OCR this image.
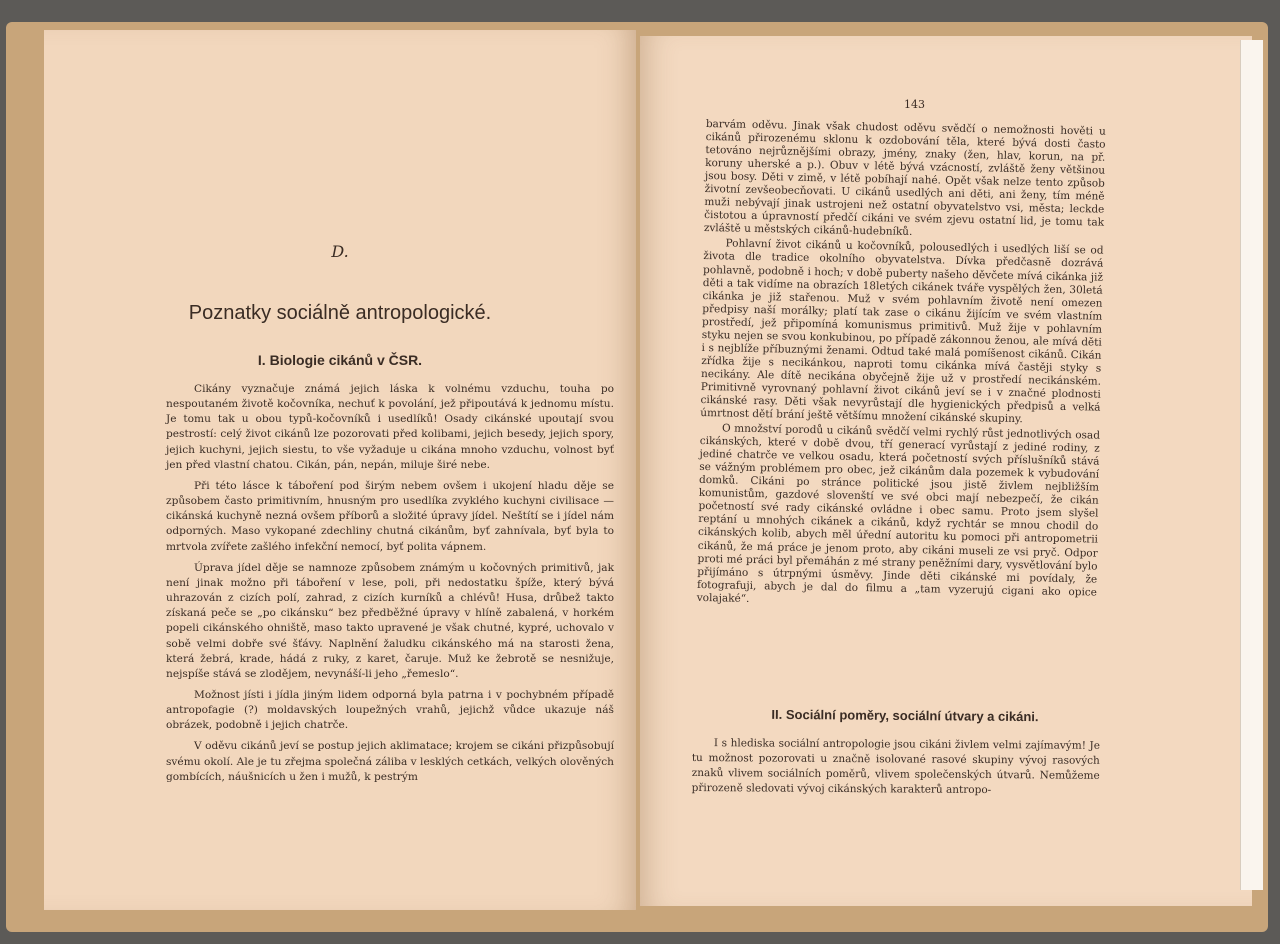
D.
Poznatky sociálně antropologické.
I. Biologie cikánů v ČSR.

Cikány vyznačuje známá jejich láska k volnému vzduchu, touha po nespoutaném životě kočovníka, nechuť k povolání, jež připoutává k jednomu místu. Je tomu tak u obou typů-kočovníků i usedlíků! Osady cikánské upoutají svou pestrostí: celý život cikánů lze pozorovati před kolibami, jejich besedy, jejich spory, jejich kuchyni, jejich siestu, to vše vyžaduje u cikána mnoho vzduchu, volnost byť jen před vlastní chatou. Cikán, pán, nepán, miluje širé nebe.

Při této lásce k táboření pod širým nebem ovšem i ukojení hladu děje se způsobem často primitivním, hnusným pro usedlíka zvyklého kuchyni civilisace — cikánská kuchyně nezná ovšem příborů a složité úpravy jídel. Neštítí se i jídel nám odporných. Maso vykopané zdechliny chutná cikánům, byť zahnívala, byť byla to mrtvola zvířete zašlého infekční nemocí, byť polita vápnem.

Úprava jídel děje se namnoze způsobem známým u kočovných primitivů, jak není jinak možno při táboření v lese, poli, při nedostatku špíže, který bývá uhrazován z cizích polí, zahrad, z cizích kurníků a chlévů! Husa, drůbež takto získaná peče se „po cikánsku“ bez předběžné úpravy v hlíně zabalená, v horkém popeli cikánského ohniště, maso takto upravené je však chutné, kypré, uchovalo v sobě velmi dobře své šťávy. Naplnění žaludku cikánského má na starosti žena, která žebrá, krade, hádá z ruky, z karet, čaruje. Muž ke žebrotě se nesnižuje, nejspíše stává se zlodějem, nevynáší-li jeho „řemeslo“.

Možnost jísti i jídla jiným lidem odporná byla patrna i v pochybném případě antropofagie (?) moldavských loupežných vrahů, jejichž vůdce ukazuje náš obrázek, podobně i jejich chatrče.

V oděvu cikánů jeví se postup jejich aklimatace; krojem se cikáni přizpůsobují svému okolí. Ale je tu zřejma společná záliba v lesklých cetkách, velkých olověných gombících, náušnicích u žen i mužů, k pestrým

143

barvám oděvu. Jinak však chudost oděvu svědčí o nemožnosti hověti u cikánů přirozenému sklonu k ozdobování těla, které bývá dosti často tetováno nejrůznějšími obrazy, jmény, znaky (žen, hlav, korun, na př. koruny uherské a p.). Obuv v létě bývá vzácností, zvláště ženy většinou jsou bosy. Děti v zimě, v létě pobíhají nahé. Opět však nelze tento způsob životní zevšeobecňovati. U cikánů usedlých ani děti, ani ženy, tím méně muži nebývají jinak ustrojeni než ostatní obyvatelstvo vsi, města; leckde čistotou a úpravností předčí cikáni ve svém zjevu ostatní lid, je tomu tak zvláště u městských cikánů-hudebníků.

Pohlavní život cikánů u kočovníků, polousedlých i usedlých liší se od života dle tradice okolního obyvatelstva. Dívka předčasně dozrává pohlavně, podobně i hoch; v době puberty našeho děvčete mívá cikánka již děti a tak vidíme na obrazích 18letých cikánek tváře vyspělých žen, 30letá cikánka je již stařenou. Muž v svém pohlavním životě není omezen předpisy naší morálky; platí tak zase o cikánu žijícím ve svém vlastním prostředí, jež připomíná komunismus primitivů. Muž žije v pohlavním styku nejen se svou konkubinou, po případě zákonnou ženou, ale mívá děti i s nejblíže příbuznými ženami. Odtud také malá pomíšenost cikánů. Cikán zřídka žije s necikánkou, naproti tomu cikánka mívá častěji styky s necikány. Ale dítě necikána obyčejně žije už v prostředí necikánském. Primitivně vyrovnaný pohlavní život cikánů jeví se i v značné plodnosti cikánské rasy. Děti však nevyrůstají dle hygienických předpisů a velká úmrtnost dětí brání ještě většímu množení cikánské skupiny.

O množství porodů u cikánů svědčí velmi rychlý růst jednotlivých osad cikánských, které v době dvou, tří generací vyrůstají z jediné rodiny, z jediné chatrče ve velkou osadu, která početností svých příslušníků stává se vážným problémem pro obec, jež cikánům dala pozemek k vybudování domků. Cikáni po stránce politické jsou jistě živlem nejbližším komunistům, gazdové slovenští ve své obci mají nebezpečí, že cikán početností své rady cikánské ovládne i obec samu. Proto jsem slyšel reptání u mnohých cikánek a cikánů, když rychtár se mnou chodil do cikánských kolib, abych měl úřední autoritu ku pomoci při antropometrii cikánů, že má práce je jenom proto, aby cikáni museli ze vsi pryč. Odpor proti mé práci byl přemáhán z mé strany peněžními dary, vysvětlování bylo přijímáno s útrpnými úsměvy. Jinde děti cikánské mi povídaly, že fotografuji, abych je dal do filmu a „tam vyzerujú cigani ako opice volajaké“.

II. Sociální poměry, sociální útvary a cikáni.

I s hlediska sociální antropologie jsou cikáni živlem velmi zajímavým! Je tu možnost pozorovati u značně isolované rasové skupiny vývoj rasových znaků vlivem sociálních poměrů, vlivem společenských útvarů. Nemůžeme přirozeně sledovati vývoj cikánských karakterů antropo-
